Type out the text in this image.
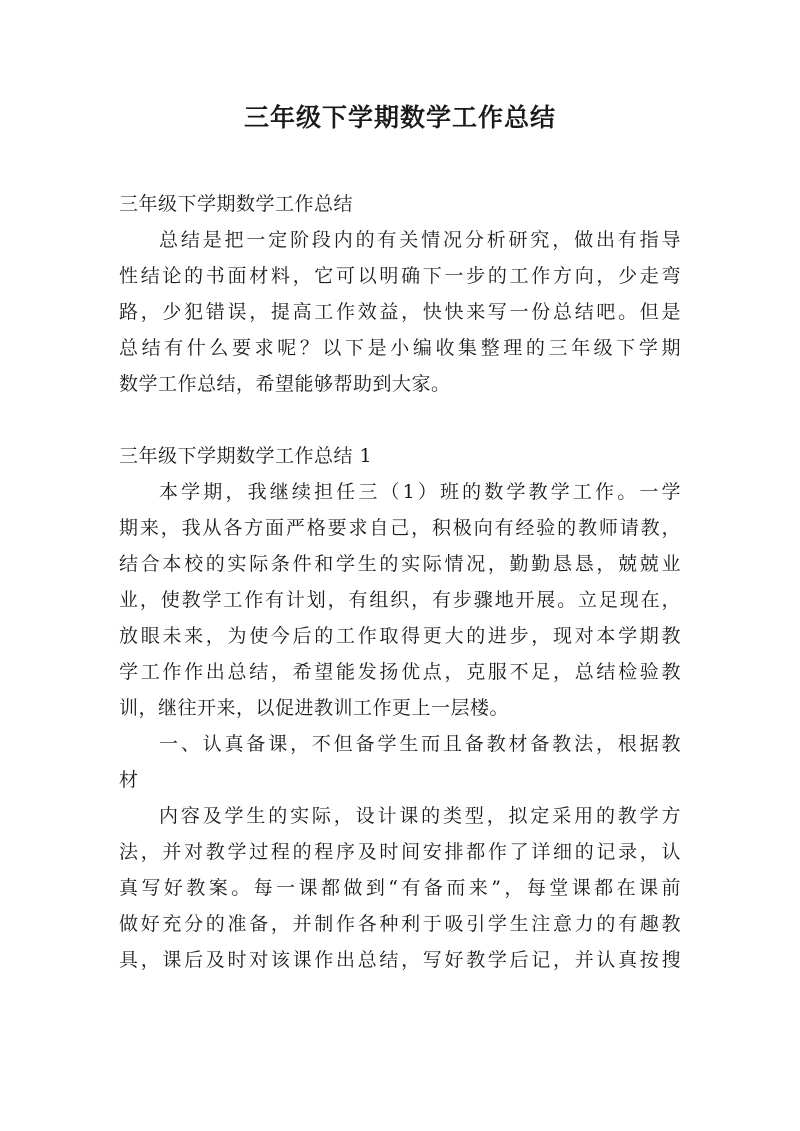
三年级下学期数学工作总结
三年级下学期数学工作总结
总结是把一定阶段内的有关情况分析研究，做出有指导
性结论的书面材料，它可以明确下一步的工作方向，少走弯
路，少犯错误，提高工作效益，快快来写一份总结吧。但是
总结有什么要求呢？以下是小编收集整理的三年级下学期
数学工作总结，希望能够帮助到大家。
三年级下学期数学工作总结 1
本学期，我继续担任三（1）班的数学教学工作。一学
期来，我从各方面严格要求自己，积极向有经验的教师请教，
结合本校的实际条件和学生的实际情况，勤勤恳恳，兢兢业
业，使教学工作有计划，有组织，有步骤地开展。立足现在，
放眼未来，为使今后的工作取得更大的进步，现对本学期教
学工作作出总结，希望能发扬优点，克服不足，总结检验教
训，继往开来，以促进教训工作更上一层楼。
一、认真备课，不但备学生而且备教材备教法，根据教
材
内容及学生的实际，设计课的类型，拟定采用的教学方
法，并对教学过程的程序及时间安排都作了详细的记录，认
真写好教案。每一课都做到“有备而来”，每堂课都在课前
做好充分的准备，并制作各种利于吸引学生注意力的有趣教
具，课后及时对该课作出总结，写好教学后记，并认真按搜
